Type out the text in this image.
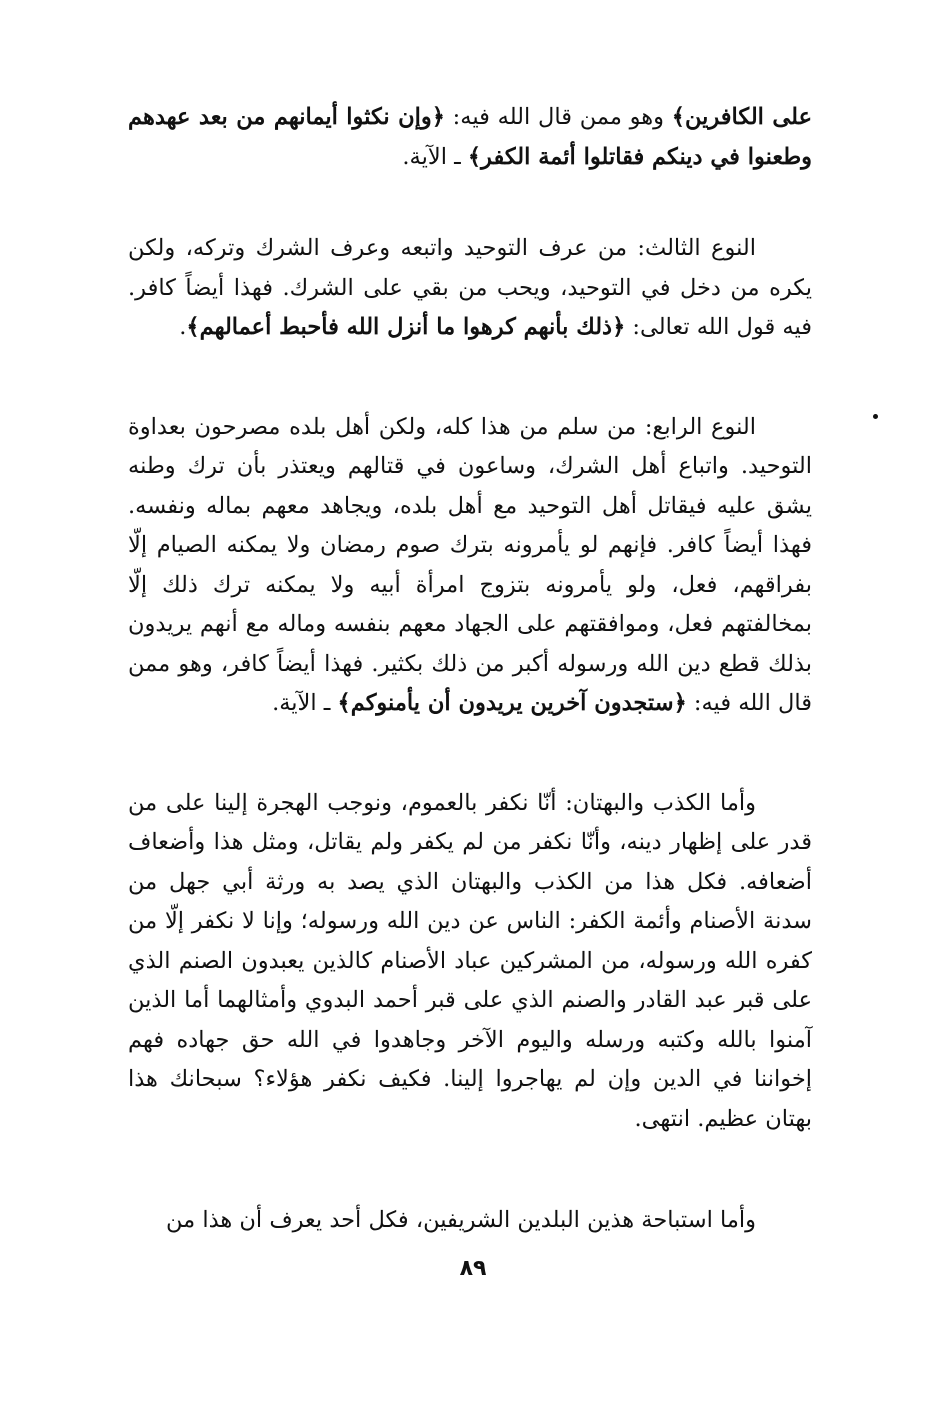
على الكافرين﴾ وهو ممن قال الله فيه: ﴿وإن نكثوا أيمانهم من بعد عهدهم وطعنوا في دينكم فقاتلوا أئمة الكفر﴾ ـ الآية.

النوع الثالث: من عرف التوحيد واتبعه وعرف الشرك وتركه، ولكن يكره من دخل في التوحيد، ويحب من بقي على الشرك. فهذا أيضاً كافر. فيه قول الله تعالى: ﴿ذلك بأنهم كرهوا ما أنزل الله فأحبط أعمالهم﴾.

النوع الرابع: من سلم من هذا كله، ولكن أهل بلده مصرحون بعداوة التوحيد. واتباع أهل الشرك، وساعون في قتالهم ويعتذر بأن ترك وطنه يشق عليه فيقاتل أهل التوحيد مع أهل بلده، ويجاهد معهم بماله ونفسه. فهذا أيضاً كافر. فإنهم لو يأمرونه بترك صوم رمضان ولا يمكنه الصيام إلّا بفراقهم، فعل، ولو يأمرونه بتزوج امرأة أبيه ولا يمكنه ترك ذلك إلّا بمخالفتهم فعل، وموافقتهم على الجهاد معهم بنفسه وماله مع أنهم يريدون بذلك قطع دين الله ورسوله أكبر من ذلك بكثير. فهذا أيضاً كافر، وهو ممن قال الله فيه: ﴿ستجدون آخرين يريدون أن يأمنوكم﴾ ـ الآية.

وأما الكذب والبهتان: أنّا نكفر بالعموم، ونوجب الهجرة إلينا على من قدر على إظهار دينه، وأنّا نكفر من لم يكفر ولم يقاتل، ومثل هذا وأضعاف أضعافه. فكل هذا من الكذب والبهتان الذي يصد به ورثة أبي جهل من سدنة الأصنام وأئمة الكفر: الناس عن دين الله ورسوله؛ وإنا لا نكفر إلّا من كفره الله ورسوله، من المشركين عباد الأصنام كالذين يعبدون الصنم الذي على قبر عبد القادر والصنم الذي على قبر أحمد البدوي وأمثالهما أما الذين آمنوا بالله وكتبه ورسله واليوم الآخر وجاهدوا في الله حق جهاده فهم إخواننا في الدين وإن لم يهاجروا إلينا. فكيف نكفر هؤلاء؟ سبحانك هذا بهتان عظيم. انتهى.

وأما استباحة هذين البلدين الشريفين، فكل أحد يعرف أن هذا من

٨٩
